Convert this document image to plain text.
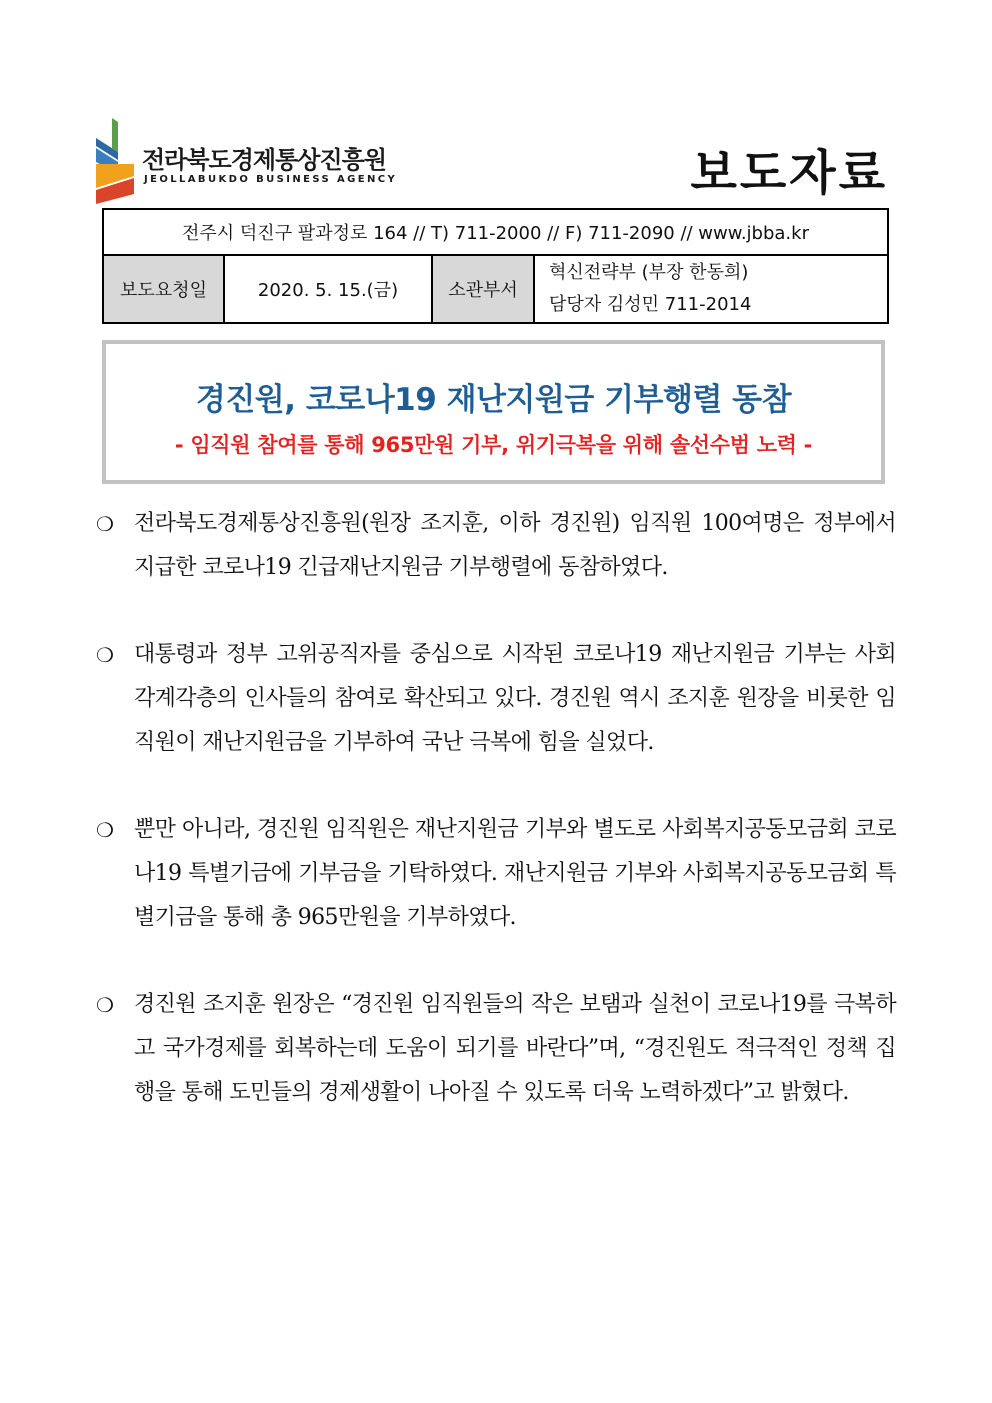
전라북도경제통상진흥원
JEOLLABUKDO BUSINESS AGENCY	보도자료
전주시 덕진구 팔과정로 164 // T) 711-2000 // F) 711-2090 // www.jbba.kr
보도요청일	2020. 5. 15.(금)	소관부서	
혁신전략부 (부장 한동희)
담당자 김성민 711-2014
경진원, 코로나19 재난지원금 기부행렬 동참
- 임직원 참여를 통해 965만원 기부, 위기극복을 위해 솔선수범 노력 -
❍ 전라북도경제통상진흥원(원장 조지훈, 이하 경진원) 임직원 100여명은 정부에서 지급한 코로나19 긴급재난지원금 기부행렬에 동참하였다.
❍ 대통령과 정부 고위공직자를 중심으로 시작된 코로나19 재난지원금 기부는 사회 각계각층의 인사들의 참여로 확산되고 있다. 경진원 역시 조지훈 원장을 비롯한 임직원이 재난지원금을 기부하여 국난 극복에 힘을 실었다.
❍ 뿐만 아니라, 경진원 임직원은 재난지원금 기부와 별도로 사회복지공동모금회 코로나19 특별기금에 기부금을 기탁하였다. 재난지원금 기부와 사회복지공동모금회 특별기금을 통해 총 965만원을 기부하였다.
❍ 경진원 조지훈 원장은 “경진원 임직원들의 작은 보탬과 실천이 코로나19를 극복하고 국가경제를 회복하는데 도움이 되기를 바란다”며, “경진원도 적극적인 정책 집행을 통해 도민들의 경제생활이 나아질 수 있도록 더욱 노력하겠다”고 밝혔다.
